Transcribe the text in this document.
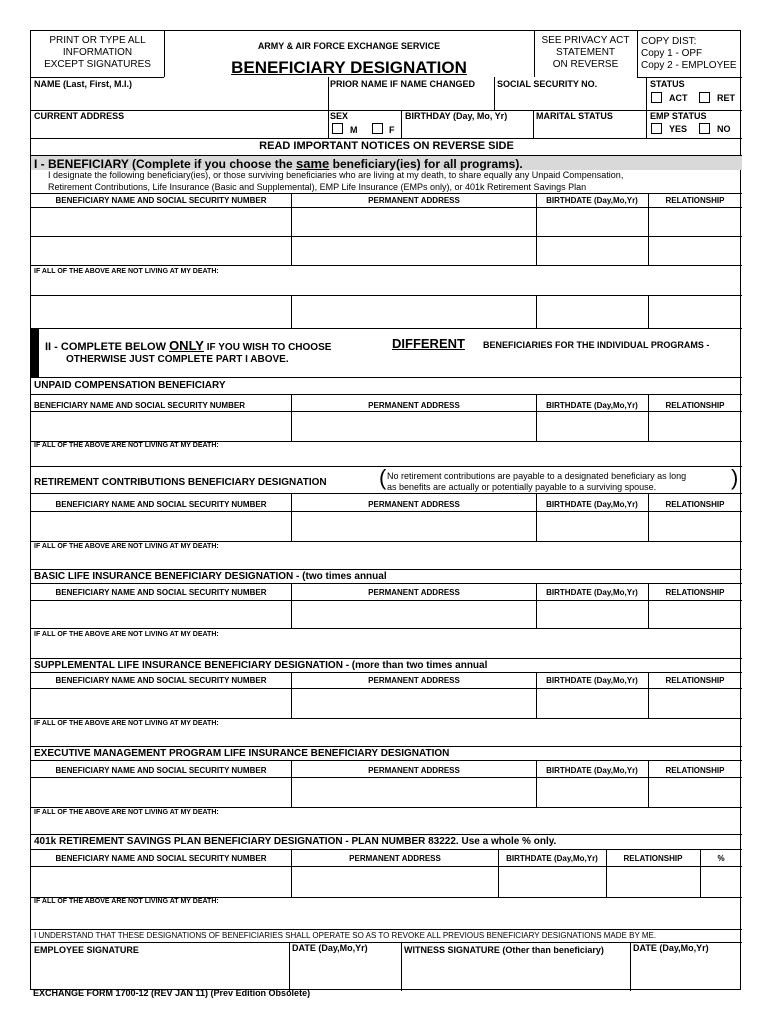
PRINT OR TYPE ALL
INFORMATION
EXCEPT SIGNATURES
ARMY & AIR FORCE EXCHANGE SERVICE
BENEFICIARY DESIGNATION
SEE PRIVACY ACT
STATEMENT
ON REVERSE
COPY DIST:
Copy 1 - OPF
Copy 2 - EMPLOYEE
NAME (Last, First, M.I.)	PRIOR NAME IF NAME CHANGED SOCIAL SECURITY NO.	STATUS
ACT	RET
CURRENT ADDRESS	SEX
M	F
BIRTHDAY (Day, Mo, Yr)	MARITAL STATUS	EMP STATUS
YES	NO
READ IMPORTANT NOTICES ON REVERSE SIDE
I - BENEFICIARY (Complete if you choose the same beneficiary(ies) for all programs).
I designate the following beneficiary(ies), or those surviving beneficiaries who are living at my death, to share equally any Unpaid Compensation,
Retirement Contributions, Life Insurance (Basic and Supplemental), EMP Life Insurance (EMPs only), or 401k Retirement Savings Plan
BENEFICIARY NAME AND SOCIAL SECURITY NUMBER	PERMANENT ADDRESS	BIRTHDATE (Day,Mo,Yr)	RELATIONSHIP
IF ALL OF THE ABOVE ARE NOT LIVING AT MY DEATH:
II - COMPLETE BELOW ONLY IF YOU WISH TO CHOOSE	DIFFERENT BENEFICIARIES FOR THE INDIVIDUAL PROGRAMS -
OTHERWISE JUST COMPLETE PART I ABOVE.
UNPAID COMPENSATION BENEFICIARY
BENEFICIARY NAME AND SOCIAL SECURITY NUMBER	PERMANENT ADDRESS	BIRTHDATE (Day,Mo,Yr)	RELATIONSHIP
IF ALL OF THE ABOVE ARE NOT LIVING AT MY DEATH:
RETIREMENT CONTRIBUTIONS BENEFICIARY DESIGNATION ( No retirement contributions are payable to a designated beneficiary as long
as benefits are actually or potentially payable to a surviving spouse.	)
BENEFICIARY NAME AND SOCIAL SECURITY NUMBER	PERMANENT ADDRESS	BIRTHDATE (Day,Mo,Yr)	RELATIONSHIP
IF ALL OF THE ABOVE ARE NOT LIVING AT MY DEATH:
BASIC LIFE INSURANCE BENEFICIARY DESIGNATION - (two times annual
BENEFICIARY NAME AND SOCIAL SECURITY NUMBER	PERMANENT ADDRESS	BIRTHDATE (Day,Mo,Yr)	RELATIONSHIP
IF ALL OF THE ABOVE ARE NOT LIVING AT MY DEATH:
SUPPLEMENTAL LIFE INSURANCE BENEFICIARY DESIGNATION - (more than two times annual
BENEFICIARY NAME AND SOCIAL SECURITY NUMBER	PERMANENT ADDRESS	BIRTHDATE (Day,Mo,Yr)	RELATIONSHIP
IF ALL OF THE ABOVE ARE NOT LIVING AT MY DEATH:
EXECUTIVE MANAGEMENT PROGRAM LIFE INSURANCE BENEFICIARY DESIGNATION
BENEFICIARY NAME AND SOCIAL SECURITY NUMBER	PERMANENT ADDRESS	BIRTHDATE (Day,Mo,Yr)	RELATIONSHIP
IF ALL OF THE ABOVE ARE NOT LIVING AT MY DEATH:
401k RETIREMENT SAVINGS PLAN BENEFICIARY DESIGNATION - PLAN NUMBER 83222. Use a whole % only.
BENEFICIARY NAME AND SOCIAL SECURITY NUMBER	PERMANENT ADDRESS	BIRTHDATE (Day,Mo,Yr)	RELATIONSHIP	%
IF ALL OF THE ABOVE ARE NOT LIVING AT MY DEATH:
I UNDERSTAND THAT THESE DESIGNATIONS OF BENEFICIARIES SHALL OPERATE SO AS TO REVOKE ALL PREVIOUS BENEFICIARY DESIGNATIONS MADE BY ME.
EMPLOYEE SIGNATURE	DATE (Day,Mo,Yr)	WITNESS SIGNATURE (Other than beneficiary)	DATE (Day,Mo,Yr)
EXCHANGE FORM 1700-12 (REV JAN 11) (Prev Edition Obsolete)
